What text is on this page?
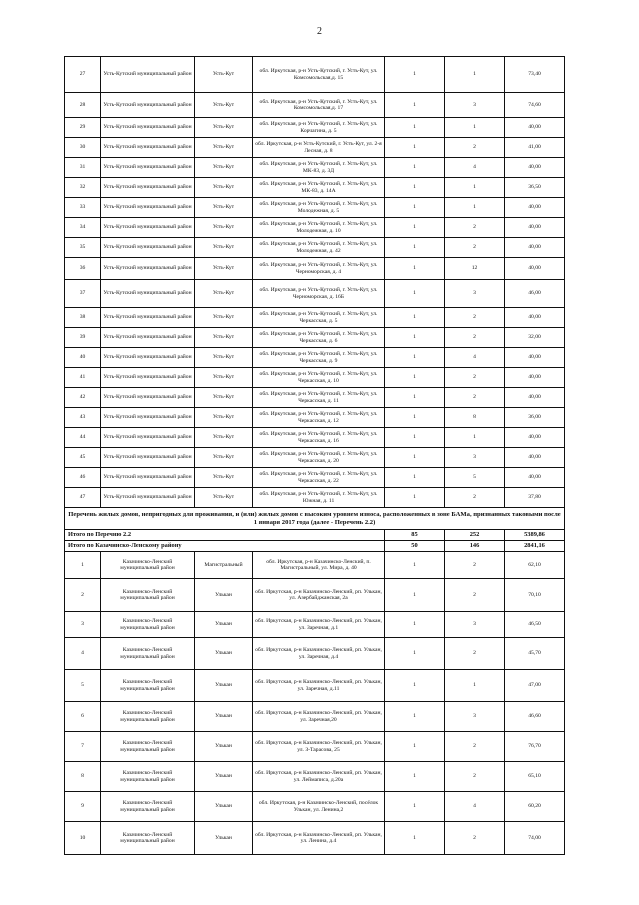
2
27	Усть-Кутский муниципальный район	Усть-Кут	обл. Иркутская, р-н Усть-Кутский, г. Усть-Кут, ул. Комсомольская,д. 15	1	1	73,40
28	Усть-Кутский муниципальный район	Усть-Кут	обл. Иркутская, р-н Усть-Кутский, г. Усть-Кут, ул. Комсомольская,д. 17	1	3	74,60
29	Усть-Кутский муниципальный район	Усть-Кут	обл. Иркутская, р-н Усть-Кутский, г. Усть-Кут, ул. Корчагина, д. 5	1	1	40,00
30	Усть-Кутский муниципальный район	Усть-Кут	обл. Иркутская, р-н Усть-Кутский, г. Усть-Кут, ул. 2-я Лесная, д. 8	1	2	41,00
31	Усть-Кутский муниципальный район	Усть-Кут	обл. Иркутская, р-н Усть-Кутский, г. Усть-Кут, ул. МК-83, д. 3Д	1	4	40,00
32	Усть-Кутский муниципальный район	Усть-Кут	обл. Иркутская, р-н Усть-Кутский, г. Усть-Кут, ул. МК-83, д. 14А	1	1	36,50
33	Усть-Кутский муниципальный район	Усть-Кут	обл. Иркутская, р-н Усть-Кутский, г. Усть-Кут, ул. Молодежная, д. 5	1	1	40,00
34	Усть-Кутский муниципальный район	Усть-Кут	обл. Иркутская, р-н Усть-Кутский, г. Усть-Кут, ул. Молодежная, д. 10	1	2	40,00
35	Усть-Кутский муниципальный район	Усть-Кут	обл. Иркутская, р-н Усть-Кутский, г. Усть-Кут, ул. Молодежная, д. 42	1	2	40,00
36	Усть-Кутский муниципальный район	Усть-Кут	обл. Иркутская, р-н Усть-Кутский, г. Усть-Кут, ул. Черноморская, д. 4	1	12	40,00
37	Усть-Кутский муниципальный район	Усть-Кут	обл. Иркутская, р-н Усть-Кутский, г. Усть-Кут, ул. Черноморская, д. 16Б	1	3	46,00
38	Усть-Кутский муниципальный район	Усть-Кут	обл. Иркутская, р-н Усть-Кутский, г. Усть-Кут, ул. Черкасская, д. 5	1	2	40,00
39	Усть-Кутский муниципальный район	Усть-Кут	обл. Иркутская, р-н Усть-Кутский, г. Усть-Кут, ул. Черкасская, д. 6	1	2	32,00
40	Усть-Кутский муниципальный район	Усть-Кут	обл. Иркутская, р-н Усть-Кутский, г. Усть-Кут, ул. Черкасская, д. 9	1	4	40,00
41	Усть-Кутский муниципальный район	Усть-Кут	обл. Иркутская, р-н Усть-Кутский, г. Усть-Кут, ул. Черкасская, д. 10	1	2	40,00
42	Усть-Кутский муниципальный район	Усть-Кут	обл. Иркутская, р-н Усть-Кутский, г. Усть-Кут, ул. Черкасская, д. 11	1	2	40,00
43	Усть-Кутский муниципальный район	Усть-Кут	обл. Иркутская, р-н Усть-Кутский, г. Усть-Кут, ул. Черкасская, д. 12	1	8	36,00
44	Усть-Кутский муниципальный район	Усть-Кут	обл. Иркутская, р-н Усть-Кутский, г. Усть-Кут, ул. Черкасская, д. 16	1	1	40,00
45	Усть-Кутский муниципальный район	Усть-Кут	обл. Иркутская, р-н Усть-Кутский, г. Усть-Кут, ул. Черкасская, д. 20	1	3	40,00
46	Усть-Кутский муниципальный район	Усть-Кут	обл. Иркутская, р-н Усть-Кутский, г. Усть-Кут, ул. Черкасская, д. 22	1	5	40,00
47	Усть-Кутский муниципальный район	Усть-Кут	обл. Иркутская, р-н Усть-Кутский, г. Усть-Кут, ул. Южная, д. 11	1	2	37,80
Перечень жилых домов, непригодных для проживания, и (или) жилых домов с высоким уровнем износа, расположенных в зоне БАМа, признанных таковыми после 1 января 2017 года (далее - Перечень 2.2)						
Итого по Перечню 2.2				85	252	5389,86
Итого по Казачинско-Ленскому району				50	146	2841,16
1	Казачинско-Ленский муниципальный район	Магистральный	обл. Иркутская, р-н Казачинско-Ленский, п. Магистральный, ул. Мира, д. 40	1	2	62,10
2	Казачинско-Ленский муниципальный район	Улькан	обл. Иркутская, р-н Казачинско-Ленский, рп. Улькан, ул. Азербайджанская, 2а	1	2	70,10
3	Казачинско-Ленский муниципальный район	Улькан	обл. Иркутская, р-н Казачинско-Ленский, рп. Улькан, ул. Заречная, д.1	1	3	46,50
4	Казачинско-Ленский муниципальный район	Улькан	обл. Иркутская, р-н Казачинско-Ленский, рп. Улькан, ул. Заречная, д.4	1	2	45,70
5	Казачинско-Ленский муниципальный район	Улькан	обл. Иркутская, р-н Казачинско-Ленский, рп. Улькан, ул. Заречная, д.11	1	1	47,00
6	Казачинско-Ленский муниципальный район	Улькан	обл. Иркутская, р-н Казачинско-Ленский, рп. Улькан, ул. Заречная,20	1	3	46,60
7	Казачинско-Ленский муниципальный район	Улькан	обл. Иркутская, р-н Казачинско-Ленский, рп. Улькан, ул. З-Тарасова, 25	1	2	76,70
8	Казачинско-Ленский муниципальный район	Улькан	обл. Иркутская, р-н Казачинско-Ленский, рп. Улькан, ул. Леймаписа, д.20а	1	2	65,10
9	Казачинско-Ленский муниципальный район	Улькан	обл. Иркутская, р-н Казачинско-Ленский, посёлок Улькан, ул. Ленина,2	1	4	60,20
10	Казачинско-Ленский муниципальный район	Улькан	обл. Иркутская, р-н Казачинско-Ленский, рп. Улькан, ул. Ленина, д.4	1	2	74,00
